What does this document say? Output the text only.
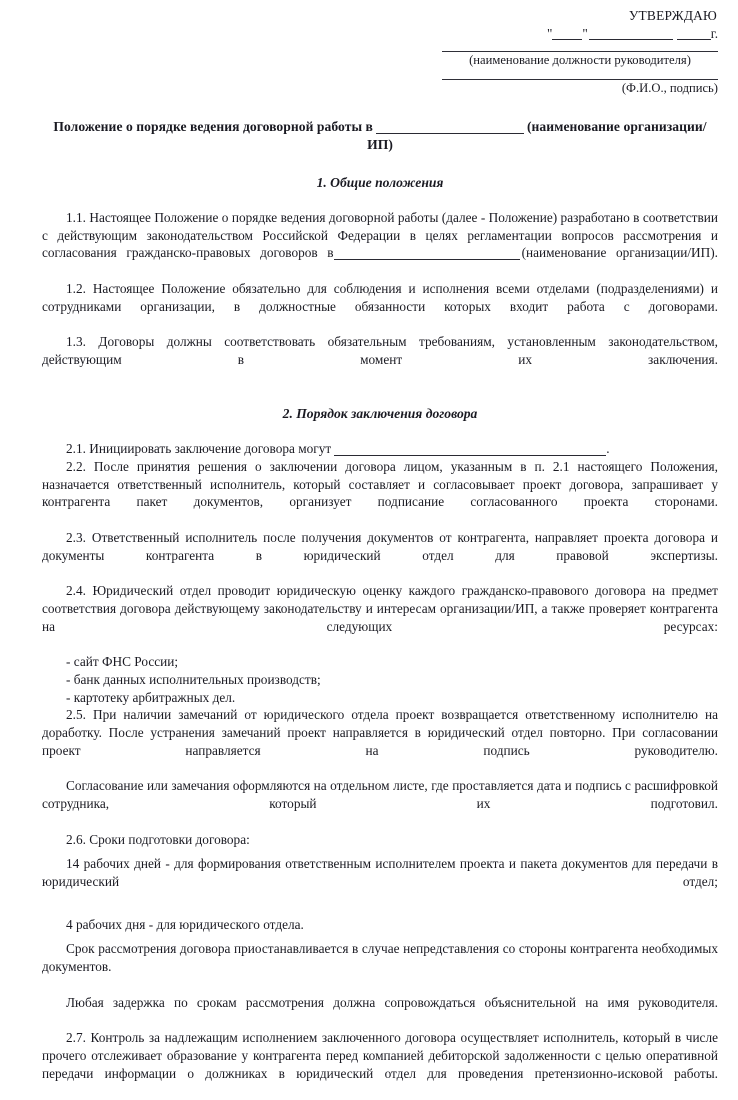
УТВЕРЖДАЮ
" "	г.
(наименование должности руководителя)
(Ф.И.О., подпись)
Положение о порядке ведения договорной работы в	(наименование организации/ИП)
1. Общие положения

1.1. Настоящее Положение о порядке ведения договорной работы (далее - Положение) разработано в соответствии с действующим законодательством Российской Федерации в целях регламентации вопросов рассмотрения и согласования гражданско-правовых договоров в	(наименование организации/ИП).

1.2. Настоящее Положение обязательно для соблюдения и исполнения всеми отделами (подразделениями) и сотрудниками организации, в должностные обязанности которых входит работа с договорами.

1.3. Договоры должны соответствовать обязательным требованиям, установленным законодательством, действующим в момент их заключения.

2. Порядок заключения договора

2.1. Инициировать заключение договора могут	.

2.2. После принятия решения о заключении договора лицом, указанным в п. 2.1 настоящего Положения, назначается ответственный исполнитель, который составляет и согласовывает проект договора, запрашивает у контрагента пакет документов, организует подписание согласованного проекта сторонами.

2.3. Ответственный исполнитель после получения документов от контрагента, направляет проекта договора и документы контрагента в юридический отдел для правовой экспертизы.

2.4. Юридический отдел проводит юридическую оценку каждого гражданско-правового договора на предмет соответствия договора действующему законодательству и интересам организации/ИП, а также проверяет контрагента на следующих ресурсах:

- сайт ФНС России;

- банк данных исполнительных производств;

- картотеку арбитражных дел.

2.5. При наличии замечаний от юридического отдела проект возвращается ответственному исполнителю на доработку. После устранения замечаний проект направляется в юридический отдел повторно. При согласовании проект направляется на подпись руководителю.

Согласование или замечания оформляются на отдельном листе, где проставляется дата и подпись с расшифровкой сотрудника, который их подготовил.

2.6. Сроки подготовки договора:

14 рабочих дней - для формирования ответственным исполнителем проекта и пакета документов для передачи в юридический отдел;

4 рабочих дня - для юридического отдела.

Срок рассмотрения договора приостанавливается в случае непредставления со стороны контрагента необходимых документов.

Любая задержка по срокам рассмотрения должна сопровождаться объяснительной на имя руководителя.

2.7. Контроль за надлежащим исполнением заключенного договора осуществляет исполнитель, который в числе прочего отслеживает образование у контрагента перед компанией дебиторской задолженности с целью оперативной передачи информации о должниках в юридический отдел для проведения претензионно-исковой работы.
